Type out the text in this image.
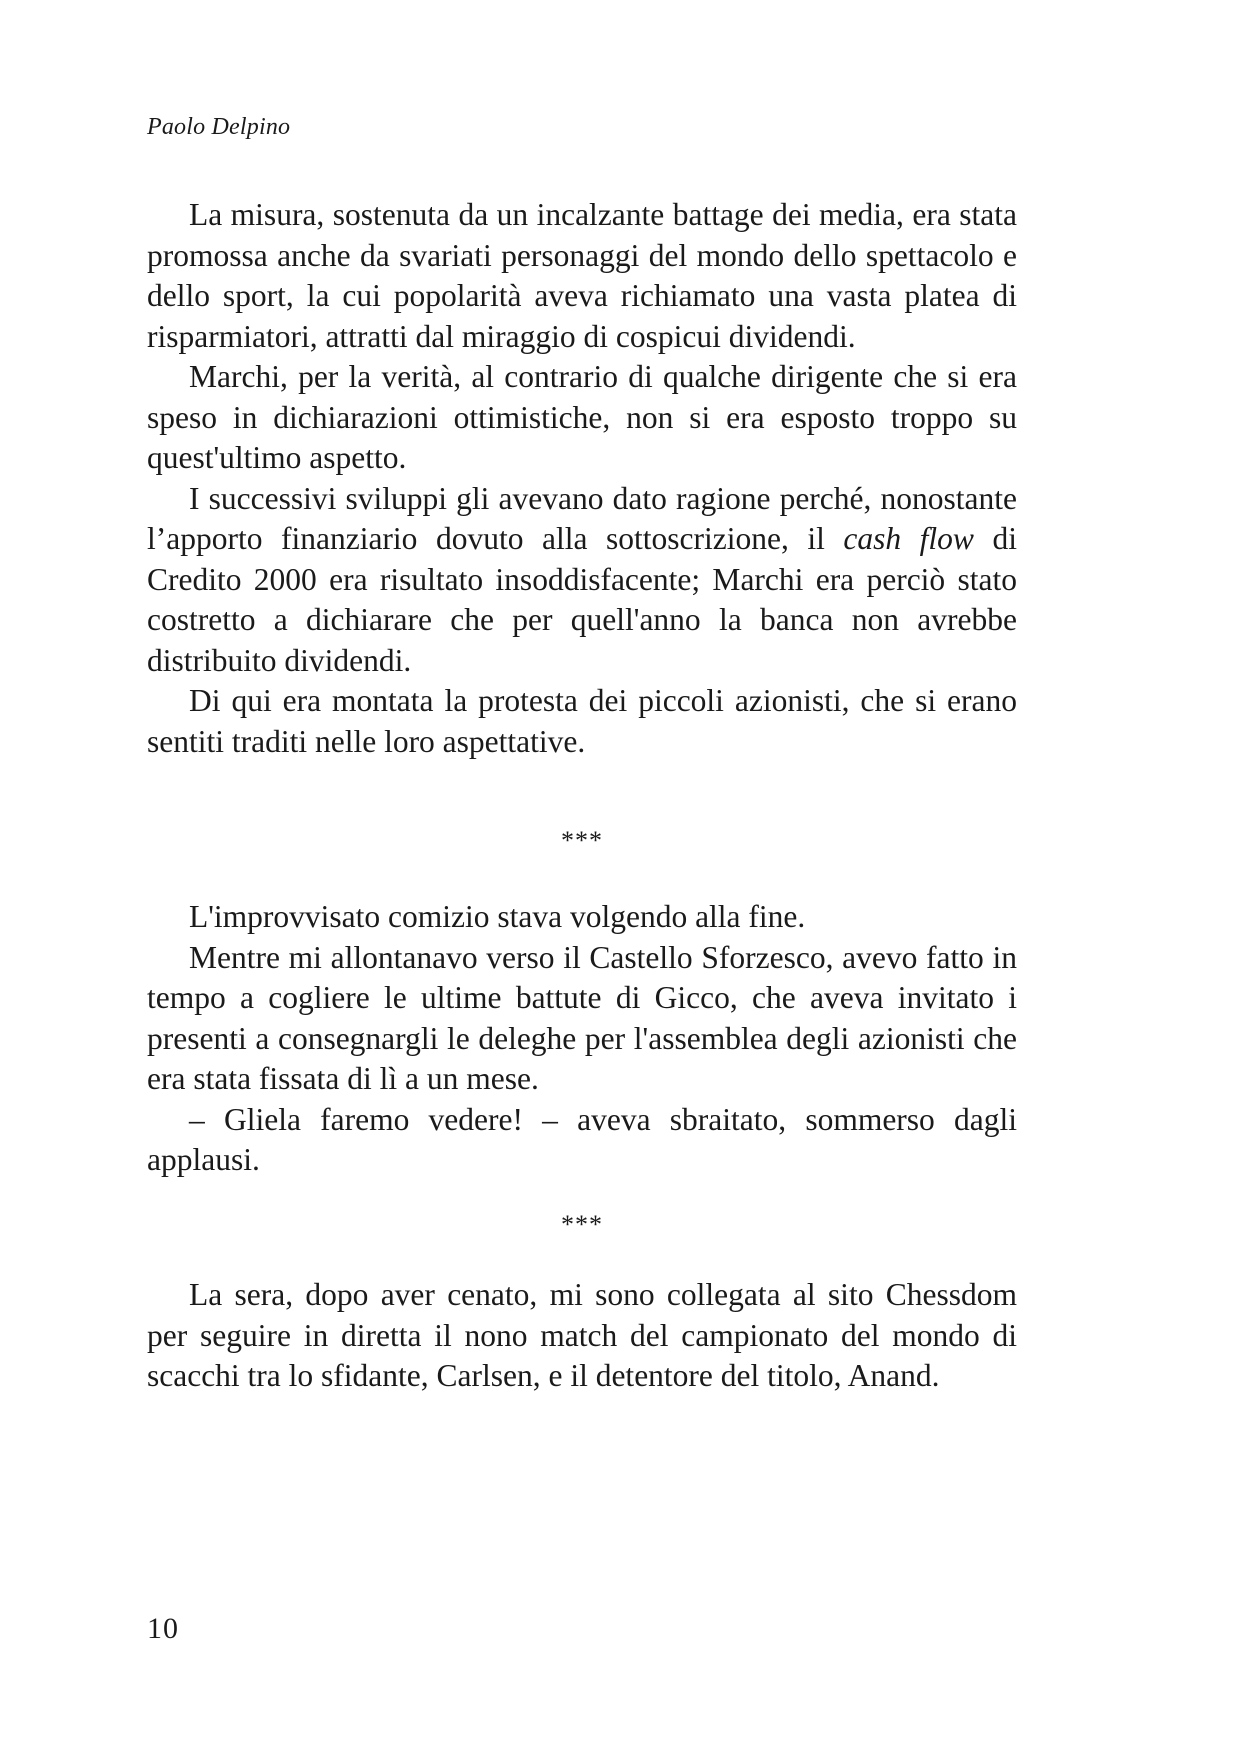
Paolo Delpino

La misura, sostenuta da un incalzante battage dei media, era stata promossa anche da svariati personaggi del mondo dello spettacolo e dello sport, la cui popolarità aveva richiamato una vasta platea di risparmiatori, attratti dal miraggio di cospicui dividendi.

Marchi, per la verità, al contrario di qualche dirigente che si era speso in dichiarazioni ottimistiche, non si era esposto troppo su quest'ultimo aspetto.

I successivi sviluppi gli avevano dato ragione perché, nonostante l’apporto finanziario dovuto alla sottoscrizione, il cash flow di Credito 2000 era risultato insoddisfacente; Marchi era perciò stato costretto a dichiarare che per quell'anno la banca non avrebbe distribuito dividendi.

Di qui era montata la protesta dei piccoli azionisti, che si erano sentiti traditi nelle loro aspettative.

***

L'improvvisato comizio stava volgendo alla fine.

Mentre mi allontanavo verso il Castello Sforzesco, avevo fatto in tempo a cogliere le ultime battute di Gicco, che aveva invitato i presenti a consegnargli le deleghe per l'assemblea degli azionisti che era stata fissata di lì a un mese.

– Gliela faremo vedere! – aveva sbraitato, sommerso dagli applausi.

***

La sera, dopo aver cenato, mi sono collegata al sito Chessdom per seguire in diretta il nono match del campionato del mondo di scacchi tra lo sfidante, Carlsen, e il detentore del titolo, Anand.

10
